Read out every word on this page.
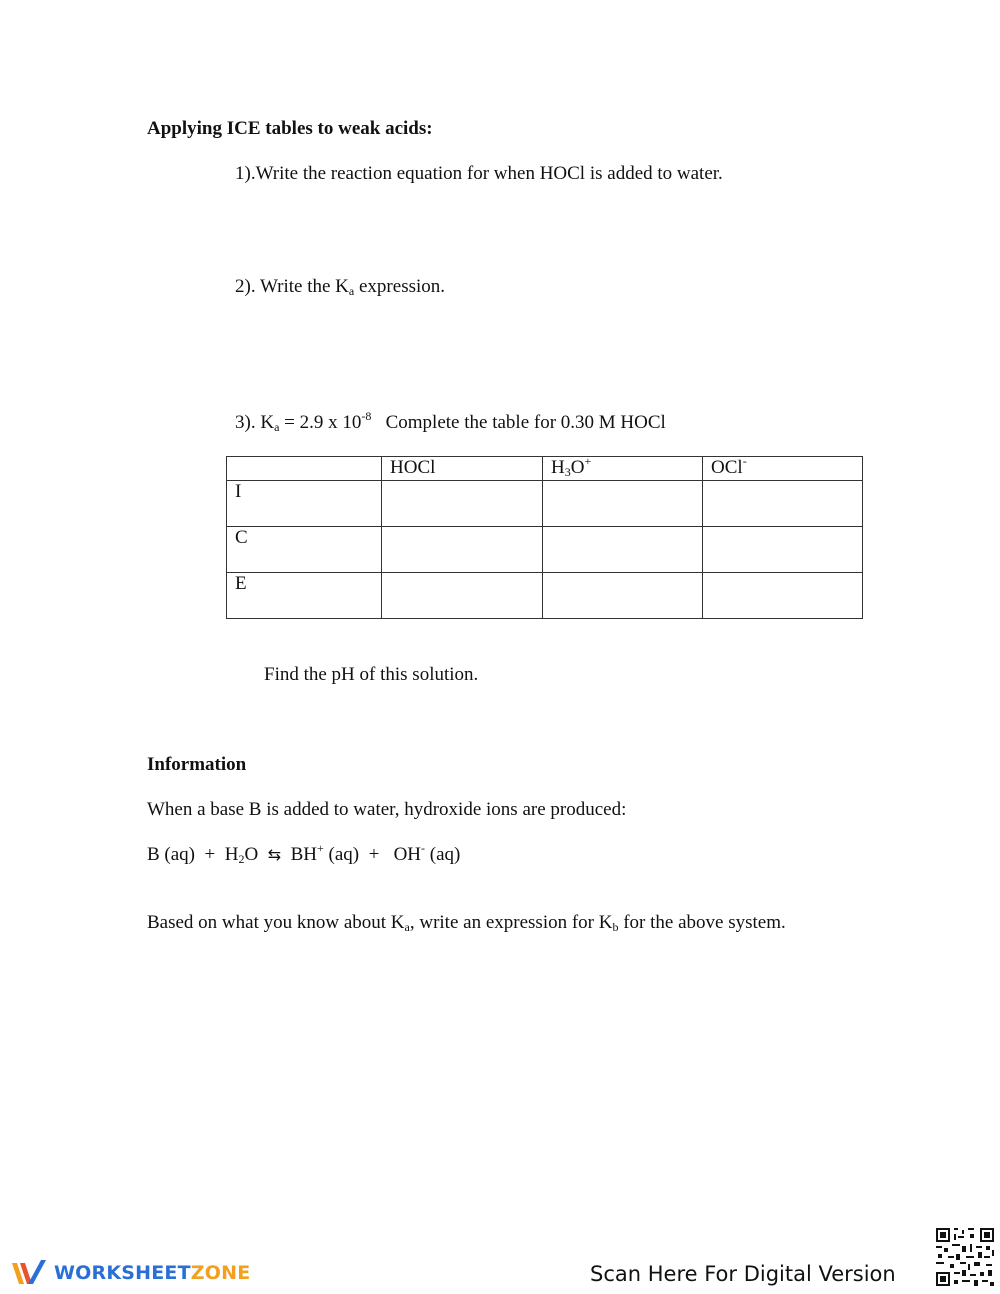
Applying ICE tables to weak acids:
1).Write the reaction equation for when HOCl is added to water.
2). Write the $K_a$ expression.
3). $K_a = 2.9$ x $10^{-8}$   Complete the table for 0.30 M HOCl
	HOCl	$H_3O^+$	OCl-
I			
C			
E			
Find the pH of this solution.
Information
When a base B is added to water, hydroxide ions are produced:
B $(aq) + H_2O$  ⇆  BH+ (aq)  +   OH- (aq)
Based on what you know about $K_a$, write an expression for $K_b$ for the above system.
WORKSHEETZONE	Scan Here For Digital Version
